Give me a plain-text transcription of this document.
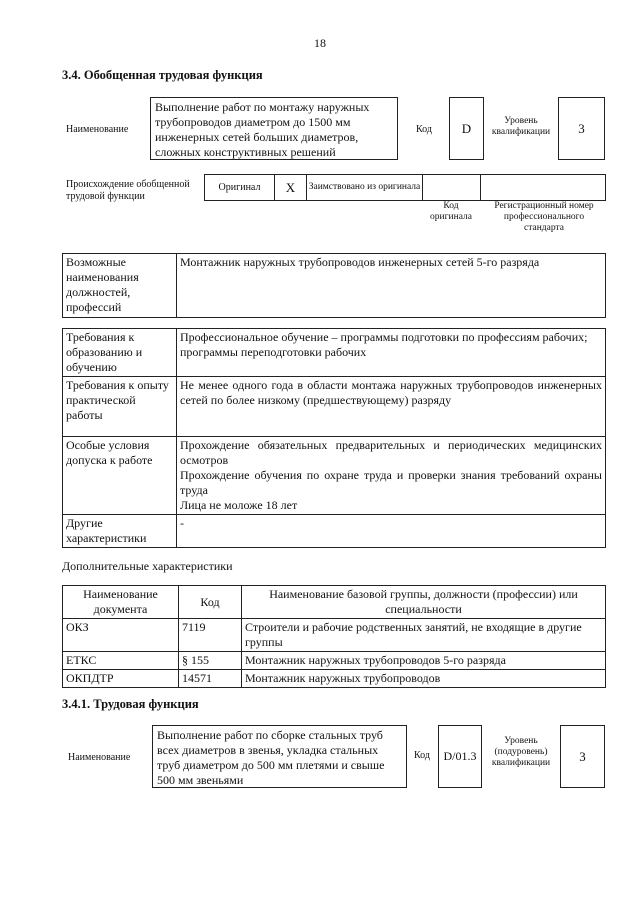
18
3.4. Обобщенная трудовая функция
Наименование
Выполнение работ по монтажу наружных трубопроводов диаметром до 1500 мм инженерных сетей больших диаметров, сложных конструктивных решений
Код	D	Уровень квалификации	3
Происхождение обобщенной трудовой функции
Оригинал	X	Заимствовано из оригинала
Код оригинала
Регистрационный номер профессионального стандарта
Возможные наименования должностей, профессий	Монтажник наружных трубопроводов инженерных сетей 5-го разряда
Требования к образованию и обучению	Профессиональное обучение – программы подготовки по профессиям рабочих; программы переподготовки рабочих
Требования к опыту практической работы	Не менее одного года в области монтажа наружных трубопроводов инженерных сетей по более низкому (предшествующему) разряду
Особые условия допуска к работе	Прохождение обязательных предварительных и периодических медицинских осмотров
Прохождение обучения по охране труда и проверки знания требований охраны труда
Лица не моложе 18 лет

Другие характеристики	-
Дополнительные характеристики
Наименование документа	Код	Наименование базовой группы, должности (профессии) или специальности
ОКЗ	7119	Строители и рабочие родственных занятий, не входящие в другие группы
ЕТКС	§ 155	Монтажник наружных трубопроводов 5-го разряда
ОКПДТР	14571	Монтажник наружных трубопроводов
3.4.1. Трудовая функция
Наименование
Выполнение работ по сборке стальных труб всех диаметров в звенья, укладка стальных труб диаметром до 500 мм плетями и свыше 500 мм звеньями
Код	D/01.3
Уровень (подуровень) квалификации	3
